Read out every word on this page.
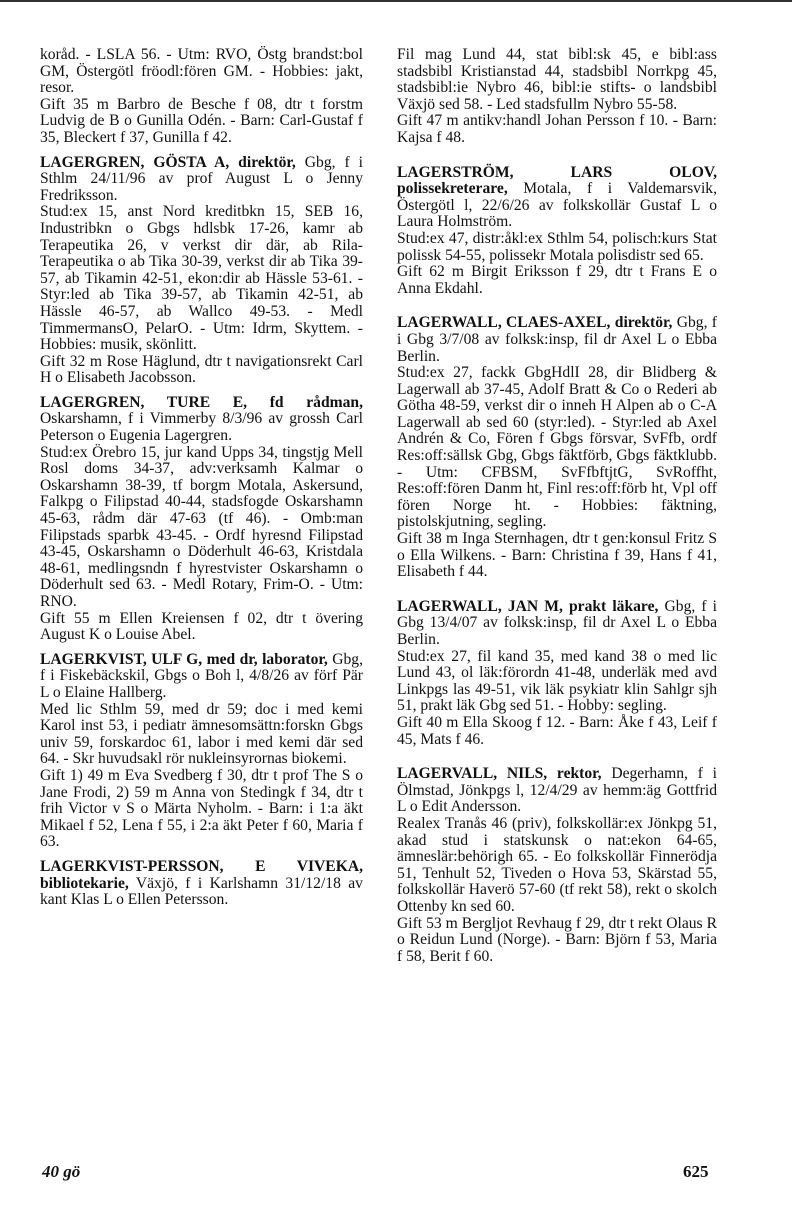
koråd. - LSLA 56. - Utm: RVO, Östg brandst:bol GM, Östergötl fröodl:fören GM. - Hobbies: jakt, resor.

Gift 35 m Barbro de Besche f 08, dtr t forstm Ludvig de B o Gunilla Odén. - Barn: Carl-Gustaf f 35, Bleckert f 37, Gunilla f 42.

LAGERGREN, GÖSTA A, direktör, Gbg, f i Sthlm 24/11/96 av prof August L o Jenny Fredriksson.

Stud:ex 15, anst Nord kreditbkn 15, SEB 16, Industribkn o Gbgs hdlsbk 17-26, kamr ab Terapeutika 26, v verkst dir där, ab Rila-Terapeutika o ab Tika 30-39, verkst dir ab Tika 39-57, ab Tikamin 42-51, ekon:dir ab Hässle 53-61. - Styr:led ab Tika 39-57, ab Tikamin 42-51, ab Hässle 46-57, ab Wallco 49-53. - Medl TimmermansO, PelarO. - Utm: Idrm, Skyttem. - Hobbies: musik, skönlitt.

Gift 32 m Rose Häglund, dtr t navigationsrekt Carl H o Elisabeth Jacobsson.

LAGERGREN, TURE E, fd rådman, Oskarshamn, f i Vimmerby 8/3/96 av grossh Carl Peterson o Eugenia Lagergren.

Stud:ex Örebro 15, jur kand Upps 34, tingstjg Mell Rosl doms 34-37, adv:verksamh Kalmar o Oskarshamn 38-39, tf borgm Motala, Askersund, Falkpg o Filipstad 40-44, stadsfogde Oskarshamn 45-63, rådm där 47-63 (tf 46). - Omb:man Filipstads sparbk 43-45. - Ordf hyresnd Filipstad 43-45, Oskarshamn o Döderhult 46-63, Kristdala 48-61, medlingsndn f hyrestvister Oskarshamn o Döderhult sed 63. - Medl Rotary, Frim-O. - Utm: RNO.

Gift 55 m Ellen Kreiensen f 02, dtr t övering August K o Louise Abel.

LAGERKVIST, ULF G, med dr, laborator, Gbg, f i Fiskebäckskil, Gbgs o Boh l, 4/8/26 av förf Pär L o Elaine Hallberg.

Med lic Sthlm 59, med dr 59; doc i med kemi Karol inst 53, i pediatr ämnesomsättn:forskn Gbgs univ 59, forskardoc 61, labor i med kemi där sed 64. - Skr huvudsakl rör nukleinsyrornas biokemi.

Gift 1) 49 m Eva Svedberg f 30, dtr t prof The S o Jane Frodi, 2) 59 m Anna von Stedingk f 34, dtr t frih Victor v S o Märta Nyholm. - Barn: i 1:a äkt Mikael f 52, Lena f 55, i 2:a äkt Peter f 60, Maria f 63.

LAGERKVIST-PERSSON, E VIVEKA, bibliotekarie, Växjö, f i Karlshamn 31/12/18 av kant Klas L o Ellen Petersson.

Fil mag Lund 44, stat bibl:sk 45, e bibl:ass stadsbibl Kristianstad 44, stadsbibl Norrkpg 45, stadsbibl:ie Nybro 46, bibl:ie stifts- o landsbibl Växjö sed 58. - Led stadsfullm Nybro 55-58.

Gift 47 m antikv:handl Johan Persson f 10. - Barn: Kajsa f 48.

LAGERSTRÖM, LARS OLOV, polissekreterare, Motala, f i Valdemarsvik, Östergötl l, 22/6/26 av folkskollär Gustaf L o Laura Holmström.

Stud:ex 47, distr:åkl:ex Sthlm 54, polisch:kurs Stat polissk 54-55, polissekr Motala polisdistr sed 65.

Gift 62 m Birgit Eriksson f 29, dtr t Frans E o Anna Ekdahl.

LAGERWALL, CLAES-AXEL, direktör, Gbg, f i Gbg 3/7/08 av folksk:insp, fil dr Axel L o Ebba Berlin.

Stud:ex 27, fackk GbgHdlI 28, dir Blidberg & Lagerwall ab 37-45, Adolf Bratt & Co o Rederi ab Götha 48-59, verkst dir o inneh H Alpen ab o C-A Lagerwall ab sed 60 (styr:led). - Styr:led ab Axel Andrén & Co, Fören f Gbgs försvar, SvFfb, ordf Res:off:sällsk Gbg, Gbgs fäktförb, Gbgs fäktklubb. - Utm: CFBSM, SvFfbftjtG, SvRoffht, Res:off:fören Danm ht, Finl res:off:förb ht, Vpl off fören Norge ht. - Hobbies: fäktning, pistolskjutning, segling.

Gift 38 m Inga Sternhagen, dtr t gen:konsul Fritz S o Ella Wilkens. - Barn: Christina f 39, Hans f 41, Elisabeth f 44.

LAGERWALL, JAN M, prakt läkare, Gbg, f i Gbg 13/4/07 av folksk:insp, fil dr Axel L o Ebba Berlin.

Stud:ex 27, fil kand 35, med kand 38 o med lic Lund 43, ol läk:förordn 41-48, underläk med avd Linkpgs las 49-51, vik läk psykiatr klin Sahlgr sjh 51, prakt läk Gbg sed 51. - Hobby: segling.

Gift 40 m Ella Skoog f 12. - Barn: Åke f 43, Leif f 45, Mats f 46.

LAGERVALL, NILS, rektor, Degerhamn, f i Ölmstad, Jönkpgs l, 12/4/29 av hemm:äg Gottfrid L o Edit Andersson.

Realex Tranås 46 (priv), folkskollär:ex Jönkpg 51, akad stud i statskunsk o nat:ekon 64-65, ämneslär:behörigh 65. - Eo folkskollär Finnerödja 51, Tenhult 52, Tiveden o Hova 53, Skärstad 55, folkskollär Haverö 57-60 (tf rekt 58), rekt o skolch Ottenby kn sed 60.

Gift 53 m Bergljot Revhaug f 29, dtr t rekt Olaus R o Reidun Lund (Norge). - Barn: Björn f 53, Maria f 58, Berit f 60.

40 gö	625
